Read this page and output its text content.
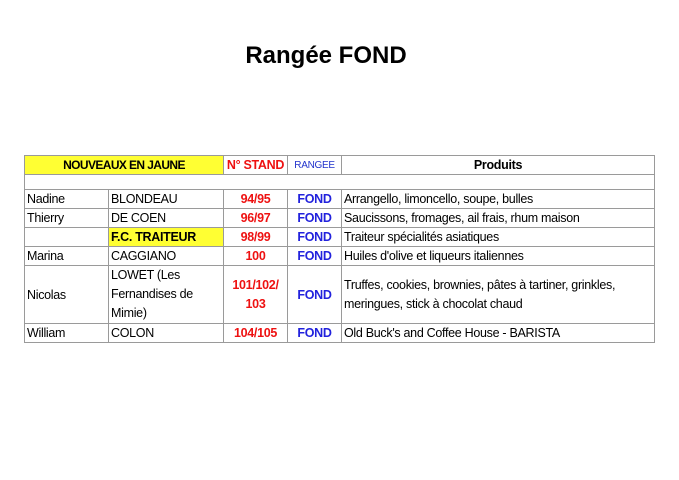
Rangée FOND
NOUVEAUX EN JAUNE		N° STAND	RANGEE	Produits

Nadine	BLONDEAU	94/95	FOND	Arrangello, limoncello, soupe, bulles
Thierry	DE COEN	96/97	FOND	Saucissons, fromages, ail frais, rhum maison
	F.C. TRAITEUR	98/99	FOND	Traiteur spécialités asiatiques
Marina	CAGGIANO	100	FOND	Huiles d'olive et liqueurs italiennes
Nicolas	LOWET (Les Fernandises de Mimie)	101/102/ 103	FOND	Truffes, cookies, brownies, pâtes à tartiner, grinkles, meringues, stick à chocolat chaud
William	COLON	104/105	FOND	Old Buck's and Coffee House - BARISTA
